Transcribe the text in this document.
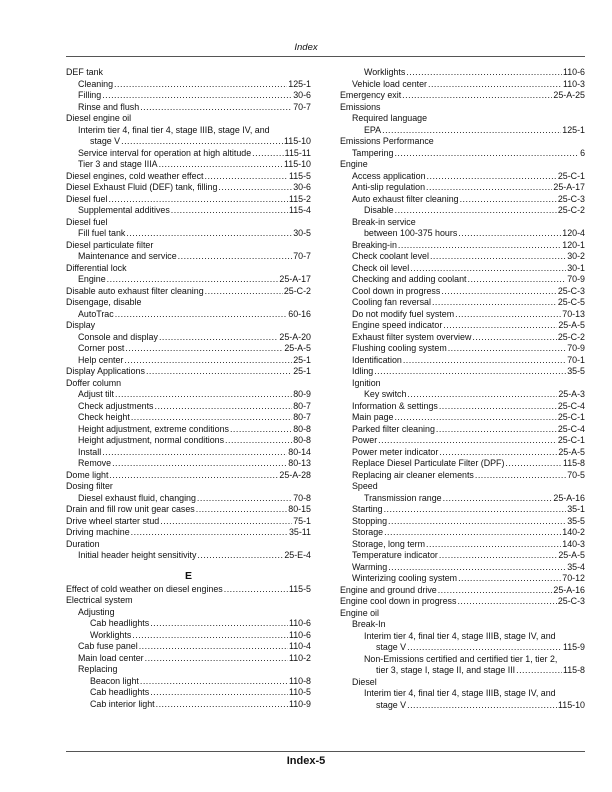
Index
DEF tank
Cleaning .....	125-1
Filling .....	30-6
Rinse and flush .....	70-7
Diesel engine oil
Interim tier 4, final tier 4, stage IIIB, stage IV, and
stage V .....	115-10
Service interval for operation at high altitude .....	115-11
Tier 3 and stage IIIA .....	115-10
Diesel engines, cold weather effect .....	115-5
Diesel Exhaust Fluid (DEF) tank, filling .....	30-6
Diesel fuel .....	115-2
Supplemental additives .....	115-4
Diesel fuel
Fill fuel tank .....	30-5
Diesel particulate filter
Maintenance and service .....	70-7
Differential lock
Engine .....	25-A-17
Disable auto exhaust filter cleaning .....	25-C-2
Disengage, disable
AutoTrac .....	60-16
Display
Console and display .....	25-A-20
Corner post .....	25-A-5
Help center .....	25-1
Display Applications .....	25-1
Doffer column
Adjust tilt .....	80-9
Check adjustments .....	80-7
Check height .....	80-7
Height adjustment, extreme conditions .....	80-8
Height adjustment, normal conditions .....	80-8
Install .....	80-14
Remove .....	80-13
Dome light .....	25-A-28
Dosing filter
Diesel exhaust fluid, changing .....	70-8
Drain and fill row unit gear cases .....	80-15
Drive wheel starter stud .....	75-1
Driving machine .....	35-11
Duration
Initial header height sensitivity .....	25-E-4
E
Effect of cold weather on diesel engines .....	115-5
Electrical system
Adjusting
Cab headlights .....	110-6
Worklights .....	110-6
Cab fuse panel .....	110-4
Main load center .....	110-2
Replacing
Beacon light .....	110-8
Cab headlights .....	110-5
Cab interior light .....	110-9
Worklights .....	110-6
Vehicle load center .....	110-3
Emergency exit .....	25-A-25
Emissions
Required language
EPA .....	125-1
Emissions Performance
Tampering .....	6
Engine
Access application .....	25-C-1
Anti-slip regulation .....	25-A-17
Auto exhaust filter cleaning .....	25-C-3
Disable .....	25-C-2
Break-in service
between 100-375 hours .....	120-4
Breaking-in .....	120-1
Check coolant level .....	30-2
Check oil level .....	30-1
Checking and adding coolant .....	70-9
Cool down in progress .....	25-C-3
Cooling fan reversal .....	25-C-5
Do not modify fuel system .....	70-13
Engine speed indicator .....	25-A-5
Exhaust filter system overview .....	25-C-2
Flushing cooling system .....	70-9
Identification .....	70-1
Idling .....	35-5
Ignition
Key switch .....	25-A-3
Information & settings .....	25-C-4
Main page .....	25-C-1
Parked filter cleaning .....	25-C-4
Power .....	25-C-1
Power meter indicator .....	25-A-5
Replace Diesel Particulate Filter (DPF) .....	115-8
Replacing air cleaner elements .....	70-5
Speed
Transmission range .....	25-A-16
Starting .....	35-1
Stopping .....	35-5
Storage .....	140-2
Storage, long term .....	140-3
Temperature indicator .....	25-A-5
Warming .....	35-4
Winterizing cooling system .....	70-12
Engine and ground drive .....	25-A-16
Engine cool down in progress .....	25-C-3
Engine oil
Break-In
Interim tier 4, final tier 4, stage IIIB, stage IV, and
stage V .....	115-9
Non-Emissions certified and certified tier 1, tier 2,
tier 3, stage I, stage II, and stage III .....	115-8
Diesel
Interim tier 4, final tier 4, stage IIIB, stage IV, and
stage V .....	115-10
Index-5
